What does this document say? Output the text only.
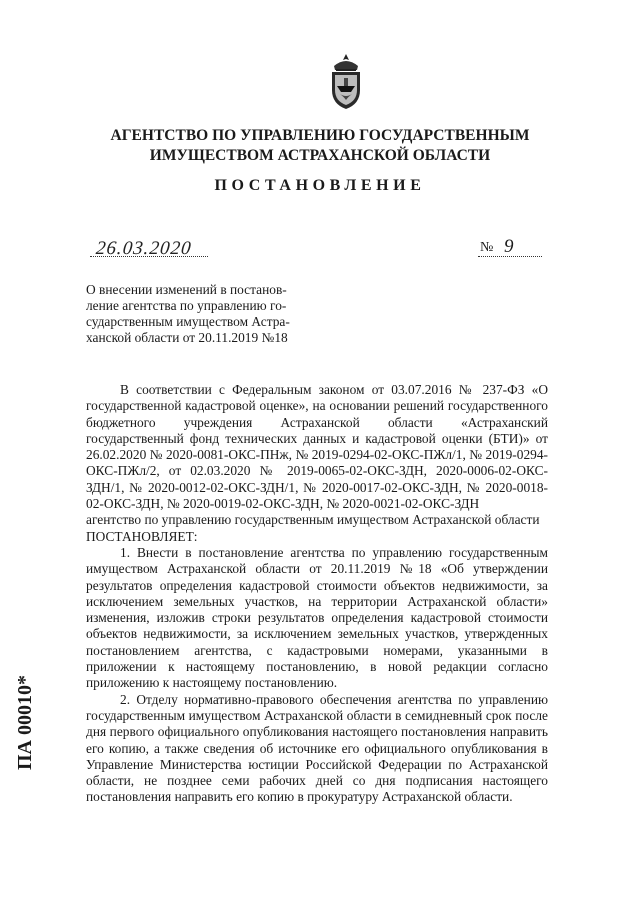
АГЕНТСТВО ПО УПРАВЛЕНИЮ ГОСУДАРСТВЕННЫМ
ИМУЩЕСТВОМ АСТРАХАНСКОЙ ОБЛАСТИ
ПОСТАНОВЛЕНИЕ
26.03.2020	№ 9
О внесении изменений в постанов-
ление агентства по управлению го-
сударственным имуществом Астра-
ханской области от 20.11.2019 №18

В соответствии с Федеральным законом от 03.07.2016 № 237-ФЗ «О государственной кадастровой оценке», на основании решений государственного бюджетного учреждения Астраханской области «Астраханский государственный фонд технических данных и кадастровой оценки (БТИ)» от 26.02.2020 № 2020-0081-ОКС-ПНж, № 2019-0294-02-ОКС-ПЖл/1, № 2019-0294-ОКС-ПЖл/2, от 02.03.2020 № 2019-0065-02-ОКС-ЗДН, 2020-0006-02-ОКС-ЗДН/1, № 2020-0012-02-ОКС-ЗДН/1, № 2020-0017-02-ОКС-ЗДН, № 2020-0018-02-ОКС-ЗДН, № 2020-0019-02-ОКС-ЗДН, № 2020-0021-02-ОКС-ЗДН

агентство по управлению государственным имуществом Астраханской области

ПОСТАНОВЛЯЕТ:

1. Внести в постановление агентства по управлению государственным имуществом Астраханской области от 20.11.2019 №18 «Об утверждении результатов определения кадастровой стоимости объектов недвижимости, за исключением земельных участков, на территории Астраханской области» изменения, изложив строки результатов определения кадастровой стоимости объектов недвижимости, за исключением земельных участков, утвержденных постановлением агентства, с кадастровыми номерами, указанными в приложении к настоящему постановлению, в новой редакции согласно приложению к настоящему постановлению.

2. Отделу нормативно-правового обеспечения агентства по управлению государственным имуществом Астраханской области в семидневный срок после дня первого официального опубликования настоящего постановления направить его копию, а также сведения об источнике его официального опубликования в Управление Министерства юстиции Российской Федерации по Астраханской области, не позднее семи рабочих дней со дня подписания настоящего постановления направить его копию в прокуратуру Астраханской области.

ПА 00010*
